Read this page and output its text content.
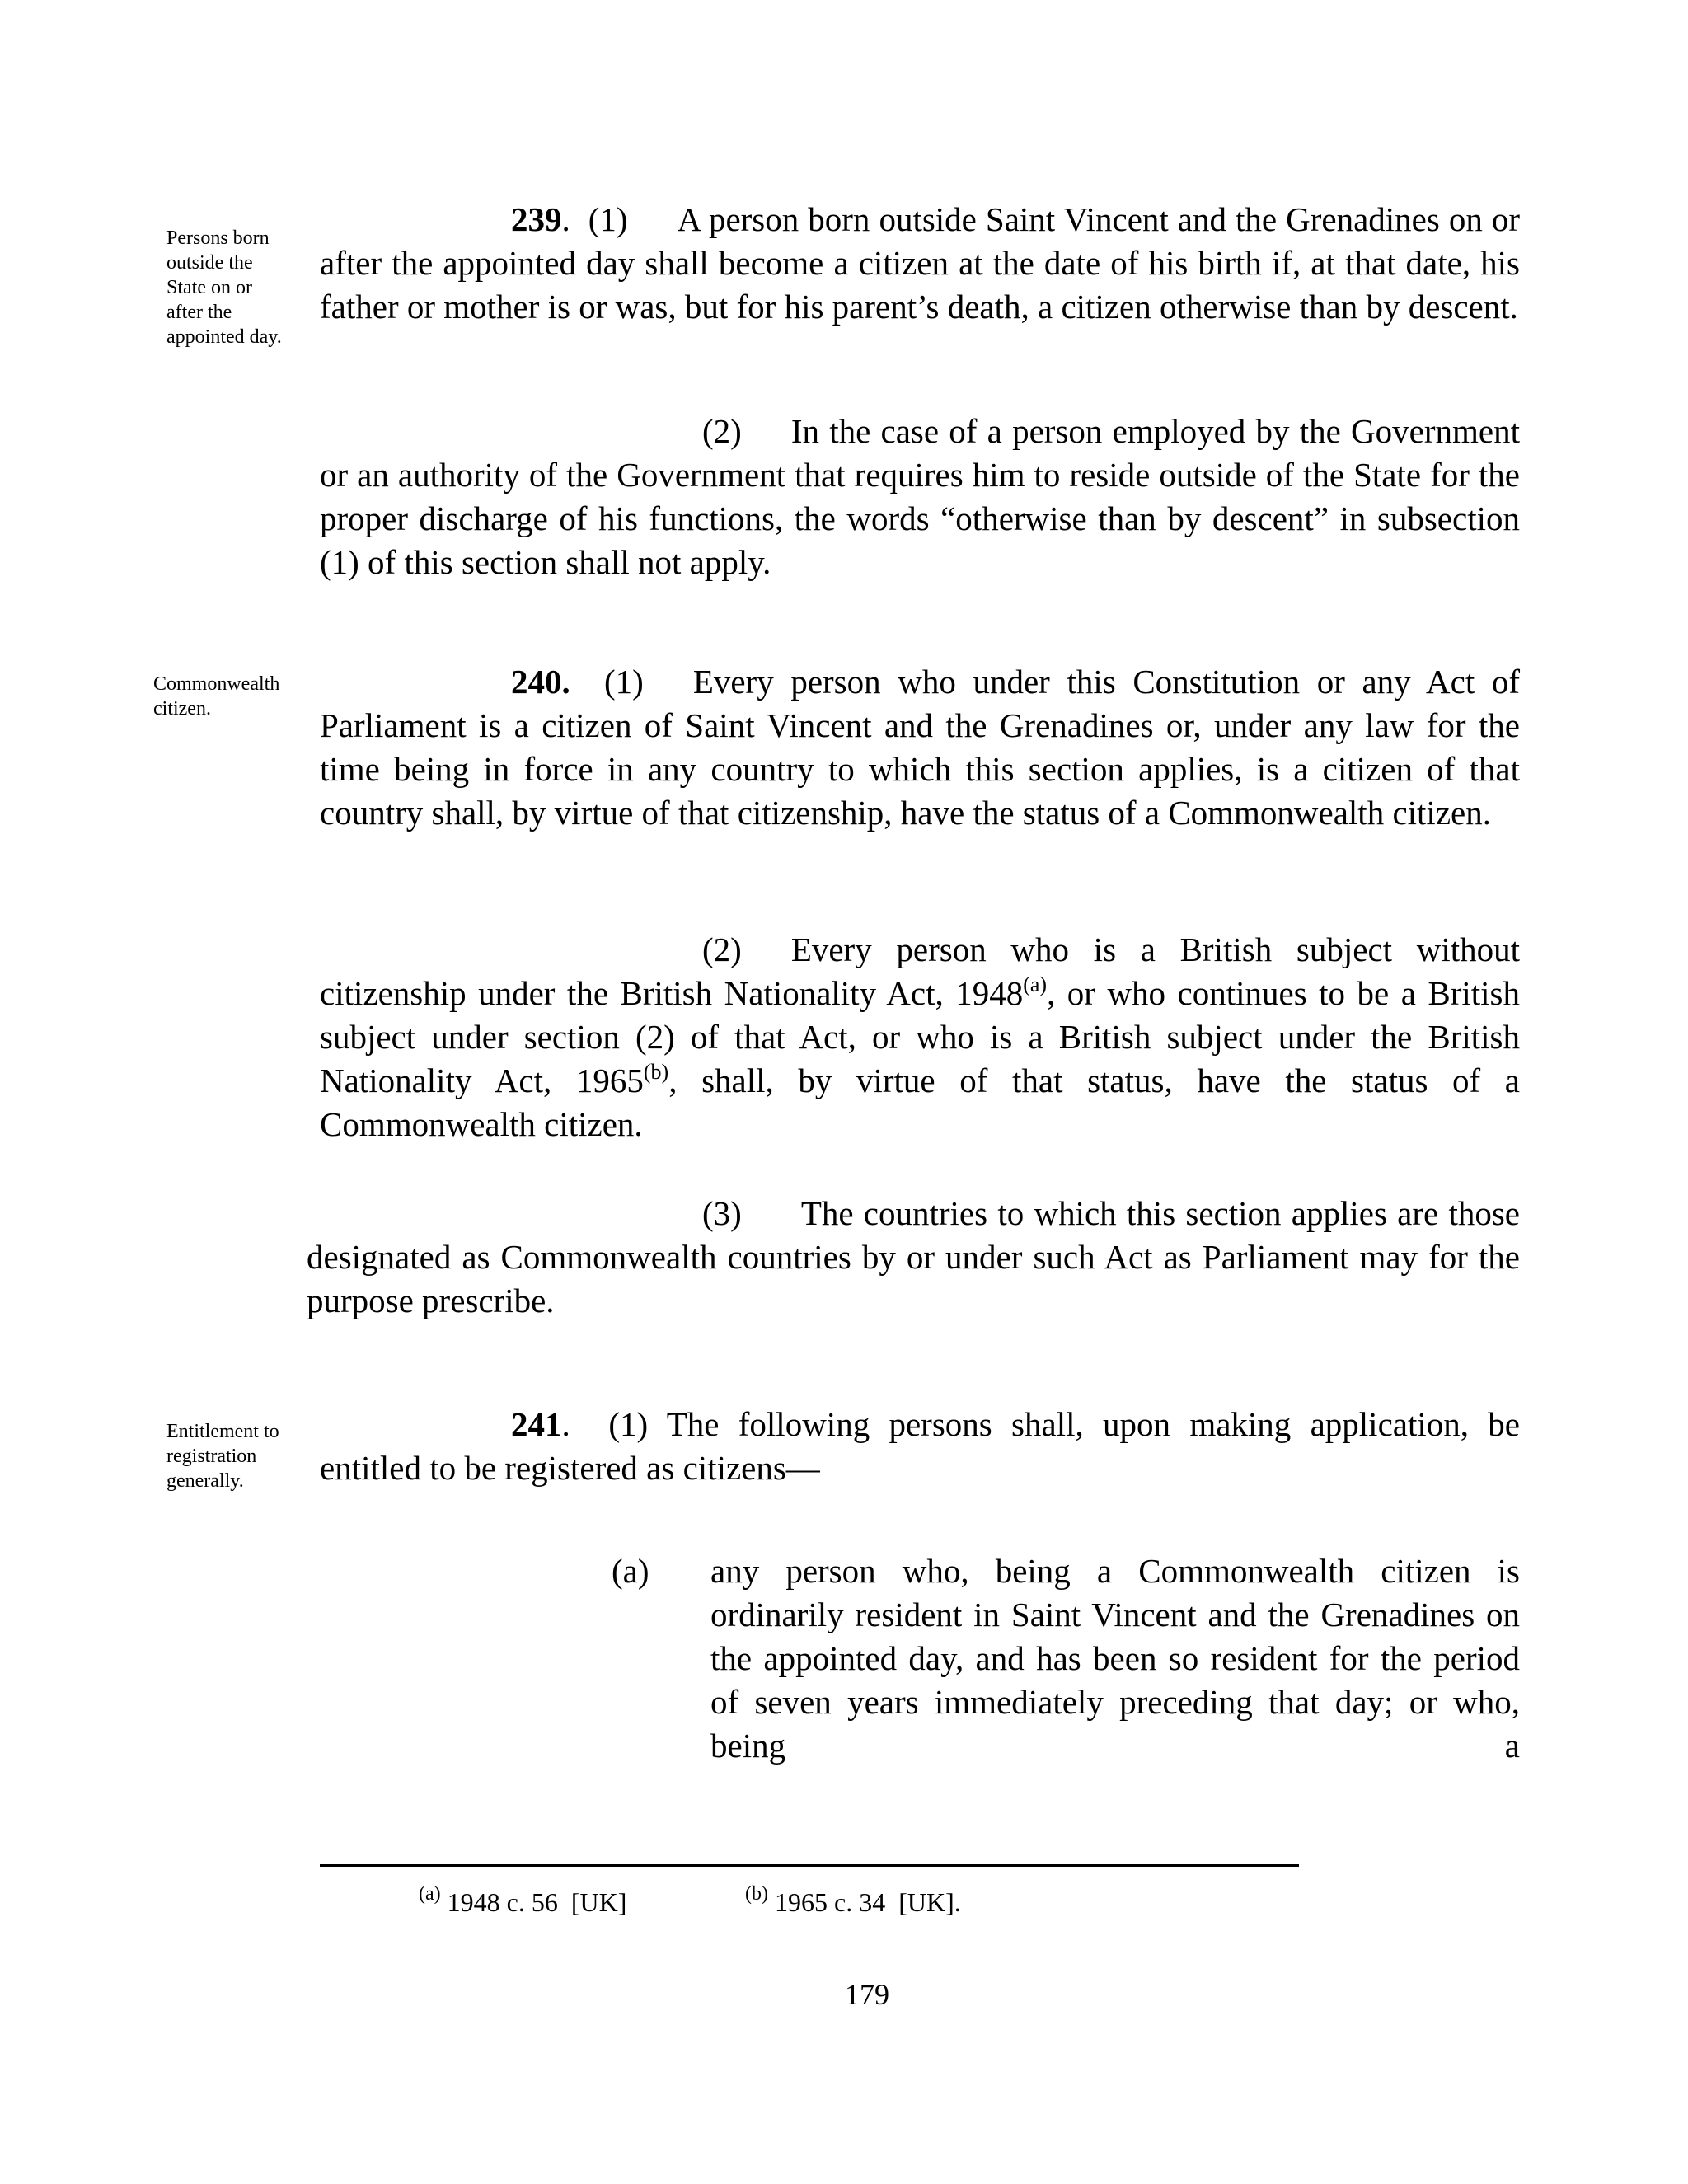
Persons born outside the State on or after the appointed day.
239. (1) A person born outside Saint Vincent and the Grenadines on or after the appointed day shall become a citizen at the date of his birth if, at that date, his father or mother is or was, but for his parent’s death, a citizen otherwise than by descent.
(2) In the case of a person employed by the Government or an authority of the Government that requires him to reside outside of the State for the proper discharge of his functions, the words “otherwise than by descent” in subsection (1) of this section shall not apply.
Commonwealth citizen.
240. (1) Every person who under this Constitution or any Act of Parliament is a citizen of Saint Vincent and the Grenadines or, under any law for the time being in force in any country to which this section applies, is a citizen of that country shall, by virtue of that citizenship, have the status of a Commonwealth citizen.
(2) Every person who is a British subject without citizenship under the British Nationality Act, 1948$^{(a)}$, or who continues to be a British subject under section (2) of that Act, or who is a British subject under the British Nationality Act, 1965$^{(b)}$, shall, by virtue of that status, have the status of a Commonwealth citizen.
(3) The countries to which this section applies are those designated as Commonwealth countries by or under such Act as Parliament may for the purpose prescribe.
Entitlement to registration generally.
241. (1) The following persons shall, upon making application, be entitled to be registered as citizens—
(a) any person who, being a Commonwealth citizen is ordinarily resident in Saint Vincent and the Grenadines on the appointed day, and has been so resident for the period of seven years immediately preceding that day; or who, being a
$^{(a)}$ 1948 c. 56  [UK]	$^{(b)}$ 1965 c. 34  [UK].
179
